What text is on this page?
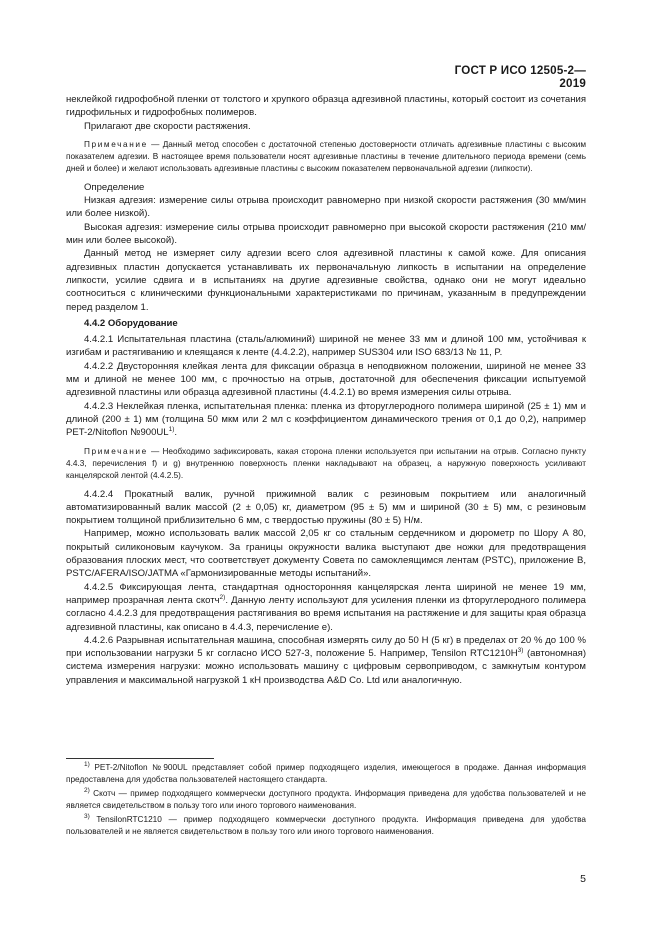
ГОСТ Р ИСО 12505-2—2019

неклейкой гидрофобной пленки от толстого и хрупкого образца адгезивной пластины, который состоит из сочетания гидрофильных и гидрофобных полимеров.

Прилагают две скорости растяжения.

Примечание — Данный метод способен с достаточной степенью достоверности отличать адгезивные пластины с высоким показателем адгезии. В настоящее время пользователи носят адгезивные пластины в течение длительного периода времени (семь дней и более) и желают использовать адгезивные пластины с высоким показателем первоначальной адгезии (липкости).

Определение

Низкая адгезия: измерение силы отрыва происходит равномерно при низкой скорости растяжения (30 мм/мин или более низкой).

Высокая адгезия: измерение силы отрыва происходит равномерно при высокой скорости растяжения (210 мм/мин или более высокой).

Данный метод не измеряет силу адгезии всего слоя адгезивной пластины к самой коже. Для описания адгезивных пластин допускается устанавливать их первоначальную липкость в испытании на определение липкости, усилие сдвига и в испытаниях на другие адгезивные свойства, однако они не могут идеально соотноситься с клиническими функциональными характеристиками по причинам, указанным в предупреждении перед разделом 1.

4.4.2 Оборудование

4.4.2.1 Испытательная пластина (сталь/алюминий) шириной не менее 33 мм и длиной 100 мм, устойчивая к изгибам и растягиванию и клеящаяся к ленте (4.4.2.2), например SUS304 или ISO 683/13 № 11, P.

4.4.2.2 Двусторонняя клейкая лента для фиксации образца в неподвижном положении, шириной не менее 33 мм и длиной не менее 100 мм, с прочностью на отрыв, достаточной для обеспечения фиксации испытуемой адгезивной пластины или образца адгезивной пластины (4.4.2.1) во время измерения силы отрыва.

4.4.2.3 Неклейкая пленка, испытательная пленка: пленка из фторуглеродного полимера шириной (25 ± 1) мм и длиной (200 ± 1) мм (толщина 50 мкм или 2 мл с коэффициентом динамического трения от 0,1 до 0,2), например PET-2/Nitoflon №900UL$^{1)}$.

Примечание — Необходимо зафиксировать, какая сторона пленки используется при испытании на отрыв. Согласно пункту 4.4.3, перечисления f) и g) внутреннюю поверхность пленки накладывают на образец, а наружную поверхность усиливают канцелярской лентой (4.4.2.5).

4.4.2.4 Прокатный валик, ручной прижимной валик с резиновым покрытием или аналогичный автоматизированный валик массой (2 ± 0,05) кг, диаметром (95 ± 5) мм и шириной (30 ± 5) мм, с резиновым покрытием толщиной приблизительно 6 мм, с твердостью пружины (80 ± 5) Н/м.

Например, можно использовать валик массой 2,05 кг со стальным сердечником и дюрометр по Шору A 80, покрытый силиконовым каучуком. За границы окружности валика выступают две ножки для предотвращения образования плоских мест, что соответствует документу Совета по самоклеящимся лентам (PSTC), приложение B, PSTC/AFERA/ISO/JATMA «Гармонизированные методы испытаний».

4.4.2.5 Фиксирующая лента, стандартная односторонняя канцелярская лента шириной не менее 19 мм, например прозрачная лента скотч$^{2)}$. Данную ленту используют для усиления пленки из фторуглеродного полимера согласно 4.4.2.3 для предотвращения растягивания во время испытания на растяжение и для защиты края образца адгезивной пластины, как описано в 4.4.3, перечисление e).

4.4.2.6 Разрывная испытательная машина, способная измерять силу до 50 Н (5 кг) в пределах от 20 % до 100 % при использовании нагрузки 5 кг согласно ИСО 527-3, положение 5. Например, Tensilon $RTC1210H^{3)}$ (автономная) система измерения нагрузки: можно использовать машину с цифровым сервоприводом, с замкнутым контуром управления и максимальной нагрузкой 1 кН производства A&D Co. Ltd или аналогичную.

$^{1)}$ PET-2/Nitoflon №900UL представляет собой пример подходящего изделия, имеющегося в продаже. Данная информация предоставлена для удобства пользователей настоящего стандарта.

$^{2)}$ Скотч — пример подходящего коммерчески доступного продукта. Информация приведена для удобства пользователей и не является свидетельством в пользу того или иного торгового наименования.

$^{3)}$ TensilonRTC1210 — пример подходящего коммерчески доступного продукта. Информация приведена для удобства пользователей и не является свидетельством в пользу того или иного торгового наименования.

5
